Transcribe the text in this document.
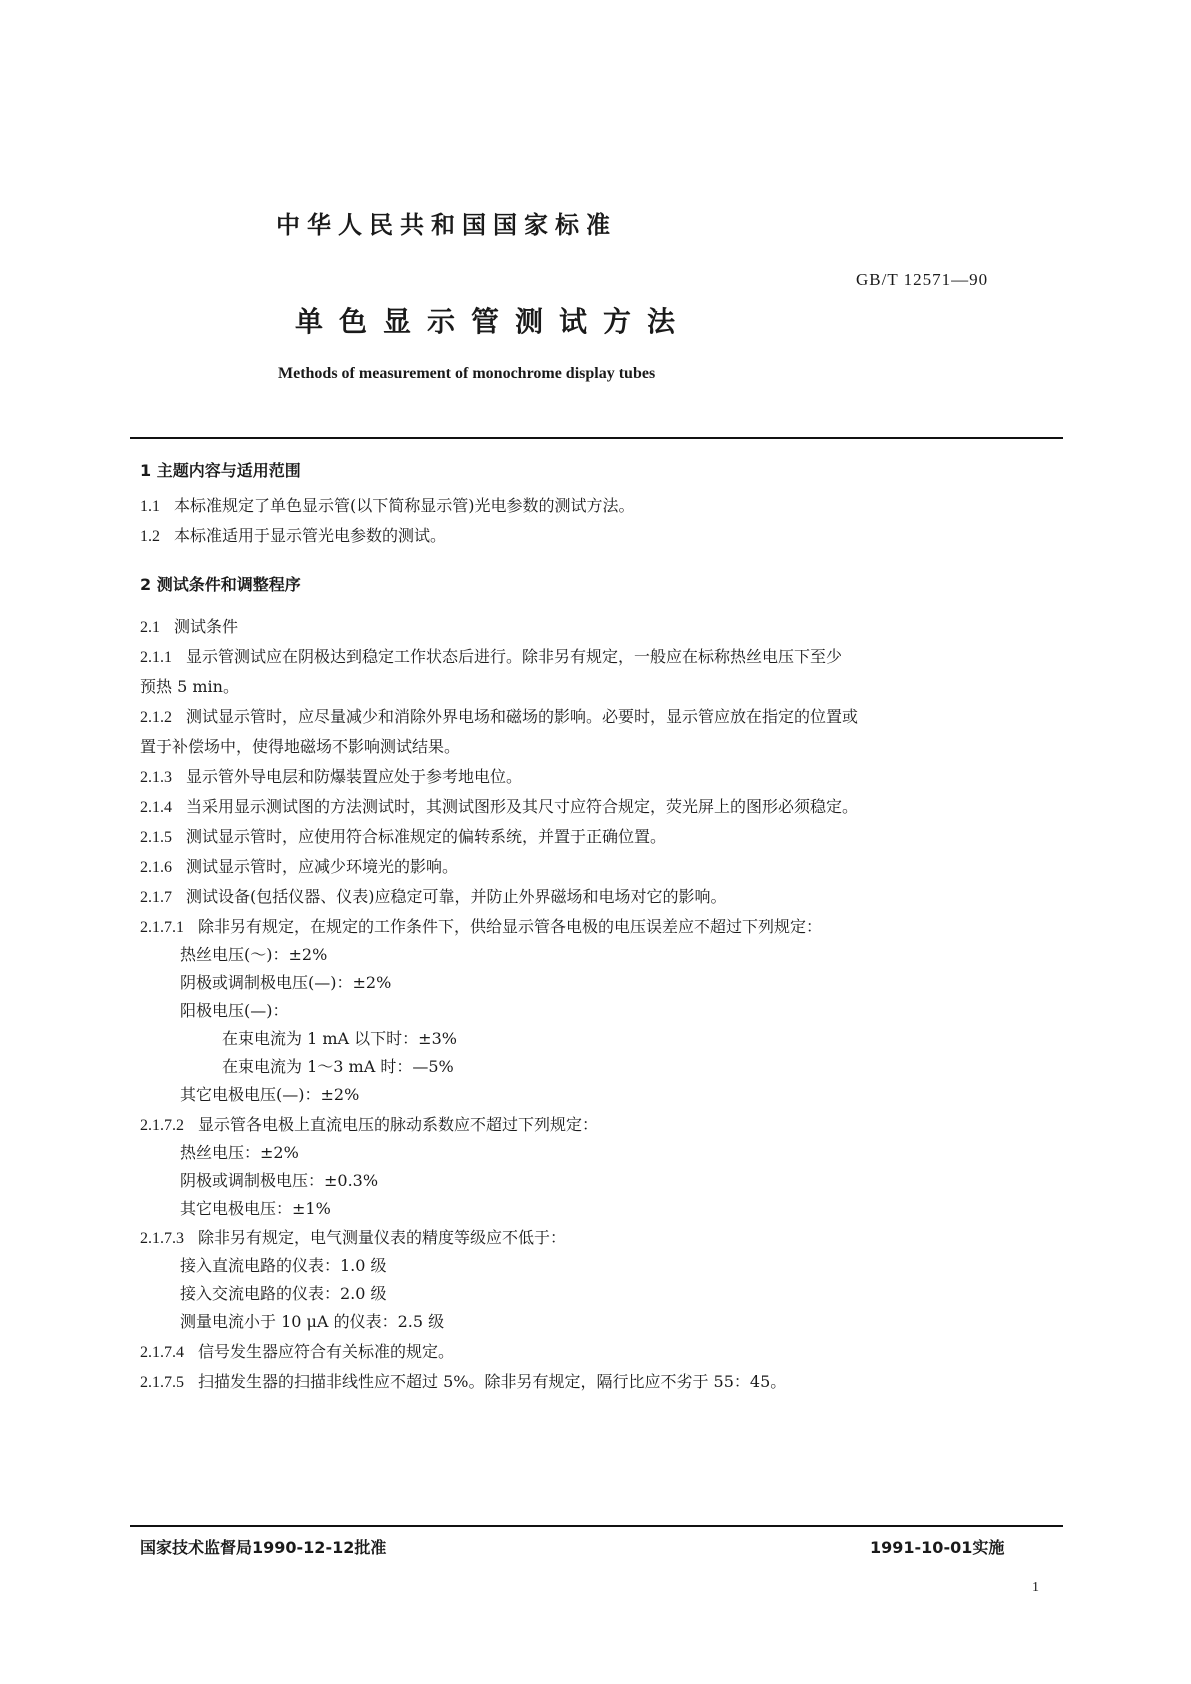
中华人民共和国国家标准
GB/T 12571—90
单色显示管测试方法
Methods of measurement of monochrome display tubes
1 主题内容与适用范围
1.1 本标准规定了单色显示管(以下简称显示管)光电参数的测试方法。
1.2 本标准适用于显示管光电参数的测试。
2 测试条件和调整程序
2.1 测试条件
2.1.1 显示管测试应在阴极达到稳定工作状态后进行。除非另有规定，一般应在标称热丝电压下至少
预热 5 min。
2.1.2 测试显示管时，应尽量减少和消除外界电场和磁场的影响。必要时，显示管应放在指定的位置或
置于补偿场中，使得地磁场不影响测试结果。
2.1.3 显示管外导电层和防爆装置应处于参考地电位。
2.1.4 当采用显示测试图的方法测试时，其测试图形及其尺寸应符合规定，荧光屏上的图形必须稳定。
2.1.5 测试显示管时，应使用符合标准规定的偏转系统，并置于正确位置。
2.1.6 测试显示管时，应减少环境光的影响。
2.1.7 测试设备(包括仪器、仪表)应稳定可靠，并防止外界磁场和电场对它的影响。
2.1.7.1 除非另有规定，在规定的工作条件下，供给显示管各电极的电压误差应不超过下列规定：
热丝电压(～)：±2%
阴极或调制极电压(—)：±2%
阳极电压(—)：
在束电流为 1 mA 以下时：±3%
在束电流为 1～3 mA 时：—5%
其它电极电压(—)：±2%
2.1.7.2 显示管各电极上直流电压的脉动系数应不超过下列规定：
热丝电压：±2%
阴极或调制极电压：±0.3%
其它电极电压：±1%
2.1.7.3 除非另有规定，电气测量仪表的精度等级应不低于：
接入直流电路的仪表：1.0 级
接入交流电路的仪表：2.0 级
测量电流小于 10 μA 的仪表：2.5 级
2.1.7.4 信号发生器应符合有关标准的规定。
2.1.7.5 扫描发生器的扫描非线性应不超过 5%。除非另有规定，隔行比应不劣于 55：45。
国家技术监督局1990-12-12批准	1991-10-01实施
1
